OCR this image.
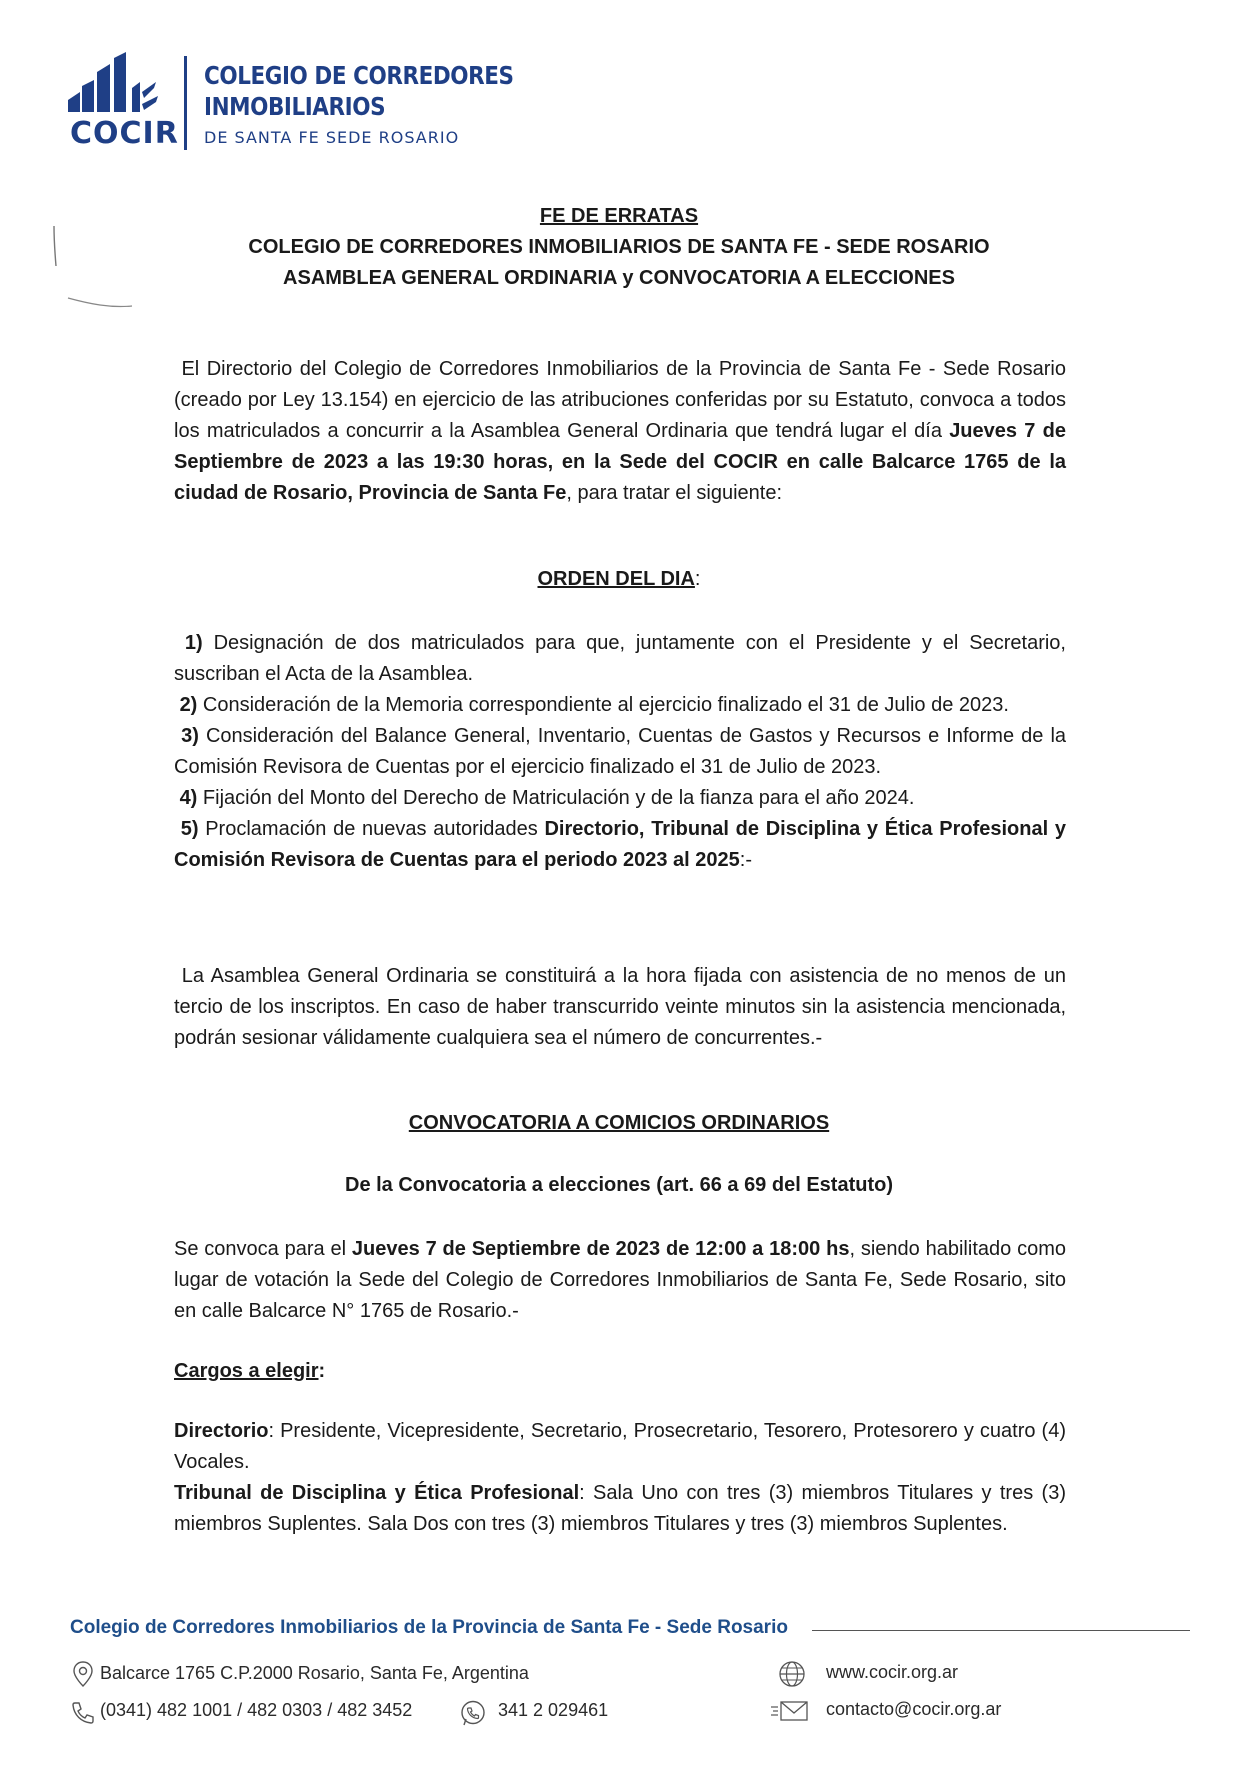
COCIR
COLEGIO DE CORREDORES
INMOBILIARIOS
DE SANTA FE SEDE ROSARIO
FE DE ERRATAS
COLEGIO DE CORREDORES INMOBILIARIOS DE SANTA FE - SEDE ROSARIO
ASAMBLEA GENERAL ORDINARIA y CONVOCATORIA A ELECCIONES

El Directorio del Colegio de Corredores Inmobiliarios de la Provincia de Santa Fe - Sede Rosario (creado por Ley 13.154) en ejercicio de las atribuciones conferidas por su Estatuto, convoca a todos los matriculados a concurrir a la Asamblea General Ordinaria que tendrá lugar el día Jueves 7 de Septiembre de 2023 a las 19:30 horas, en la Sede del COCIR en calle Balcarce 1765 de la ciudad de Rosario, Provincia de Santa Fe, para tratar el siguiente:

ORDEN DEL DIA:

1) Designación de dos matriculados para que, juntamente con el Presidente y el Secretario, suscriban el Acta de la Asamblea.

2) Consideración de la Memoria correspondiente al ejercicio finalizado el 31 de Julio de 2023.

3) Consideración del Balance General, Inventario, Cuentas de Gastos y Recursos e Informe de la Comisión Revisora de Cuentas por el ejercicio finalizado el 31 de Julio de 2023.

4) Fijación del Monto del Derecho de Matriculación y de la fianza para el año 2024.

5) Proclamación de nuevas autoridades Directorio, Tribunal de Disciplina y Ética Profesional y Comisión Revisora de Cuentas para el periodo 2023 al 2025:-

La Asamblea General Ordinaria se constituirá a la hora fijada con asistencia de no menos de un tercio de los inscriptos. En caso de haber transcurrido veinte minutos sin la asistencia mencionada, podrán sesionar válidamente cualquiera sea el número de concurrentes.-

CONVOCATORIA A COMICIOS ORDINARIOS
De la Convocatoria a elecciones (art. 66 a 69 del Estatuto)

Se convoca para el Jueves 7 de Septiembre de 2023 de 12:00 a 18:00 hs, siendo habilitado como lugar de votación la Sede del Colegio de Corredores Inmobiliarios de Santa Fe, Sede Rosario, sito en calle Balcarce N° 1765 de Rosario.-

Cargos a elegir:

Directorio: Presidente, Vicepresidente, Secretario, Prosecretario, Tesorero, Protesorero y cuatro (4) Vocales.

Tribunal de Disciplina y Ética Profesional: Sala Uno con tres (3) miembros Titulares y tres (3) miembros Suplentes. Sala Dos con tres (3) miembros Titulares y tres (3) miembros Suplentes.

Colegio de Corredores Inmobiliarios de la Provincia de Santa Fe - Sede Rosario
Balcarce 1765 C.P.2000 Rosario, Santa Fe, Argentina
(0341) 482 1001 / 482 0303 / 482 3452	341 2 029461
www.cocir.org.ar
contacto@cocir.org.ar
